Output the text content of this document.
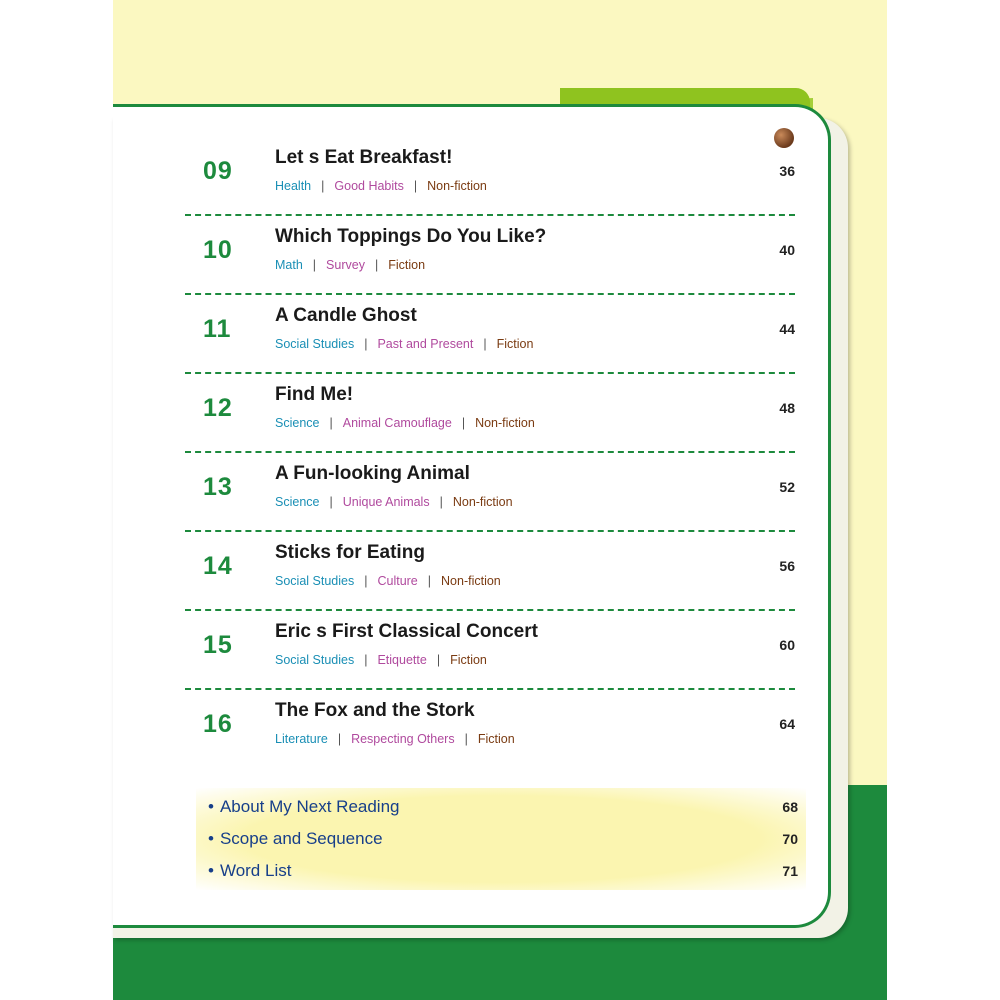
09 Let s Eat Breakfast!
Health | Good Habits | Non-fiction
36
10 Which Toppings Do You Like?
Math | Survey | Fiction
40
11 A Candle Ghost
Social Studies | Past and Present | Fiction
44
12 Find Me!
Science | Animal Camouflage | Non-fiction
48
13 A Fun-looking Animal
Science | Unique Animals | Non-fiction
52
14 Sticks for Eating
Social Studies | Culture | Non-fiction
56
15 Eric s First Classical Concert
Social Studies | Etiquette | Fiction
60
16 The Fox and the Stork
Literature | Respecting Others | Fiction
64
• About My Next Reading	68
• Scope and Sequence	70
• Word List	71
